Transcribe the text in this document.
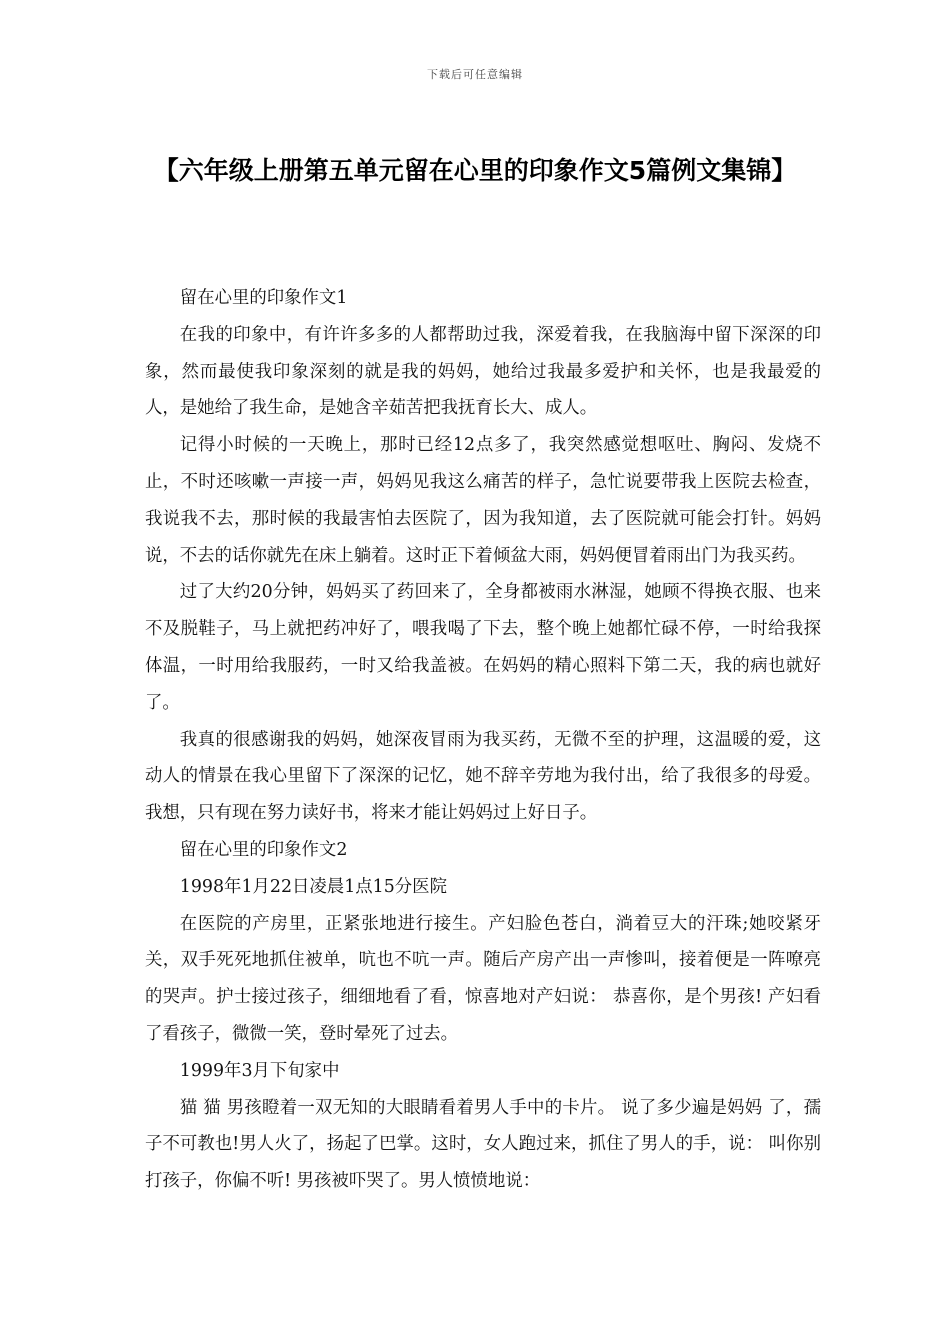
下载后可任意编辑
【六年级上册第五单元留在心里的印象作文5篇例文集锦】

留在心里的印象作文1

在我的印象中，有许许多多的人都帮助过我，深爱着我，在我脑海中留下深深的印象，然而最使我印象深刻的就是我的妈妈，她给过我最多爱护和关怀，也是我最爱的人，是她给了我生命，是她含辛茹苦把我抚育长大、成人。

记得小时候的一天晚上，那时已经12点多了，我突然感觉想呕吐、胸闷、发烧不止，不时还咳嗽一声接一声，妈妈见我这么痛苦的样子，急忙说要带我上医院去检查，我说我不去，那时候的我最害怕去医院了，因为我知道，去了医院就可能会打针。妈妈说，不去的话你就先在床上躺着。这时正下着倾盆大雨，妈妈便冒着雨出门为我买药。

过了大约20分钟，妈妈买了药回来了，全身都被雨水淋湿，她顾不得换衣服、也来不及脱鞋子，马上就把药冲好了，喂我喝了下去，整个晚上她都忙碌不停，一时给我探体温，一时用给我服药，一时又给我盖被。在妈妈的精心照料下第二天，我的病也就好了。

我真的很感谢我的妈妈，她深夜冒雨为我买药，无微不至的护理，这温暖的爱，这动人的情景在我心里留下了深深的记忆，她不辞辛劳地为我付出，给了我很多的母爱。我想，只有现在努力读好书，将来才能让妈妈过上好日子。

留在心里的印象作文2

1998年1月22日凌晨1点15分医院

在医院的产房里，正紧张地进行接生。产妇脸色苍白，淌着豆大的汗珠;她咬紧牙关，双手死死地抓住被单，吭也不吭一声。随后产房产出一声惨叫，接着便是一阵嘹亮的哭声。护士接过孩子，细细地看了看，惊喜地对产妇说： 恭喜你，是个男孩! 产妇看了看孩子，微微一笑，登时晕死了过去。

1999年3月下旬家中

猫 猫 男孩瞪着一双无知的大眼睛看着男人手中的卡片。 说了多少遍是妈妈 了，孺子不可教也!男人火了，扬起了巴掌。这时，女人跑过来，抓住了男人的手，说： 叫你别打孩子，你偏不听! 男孩被吓哭了。男人愤愤地说：
